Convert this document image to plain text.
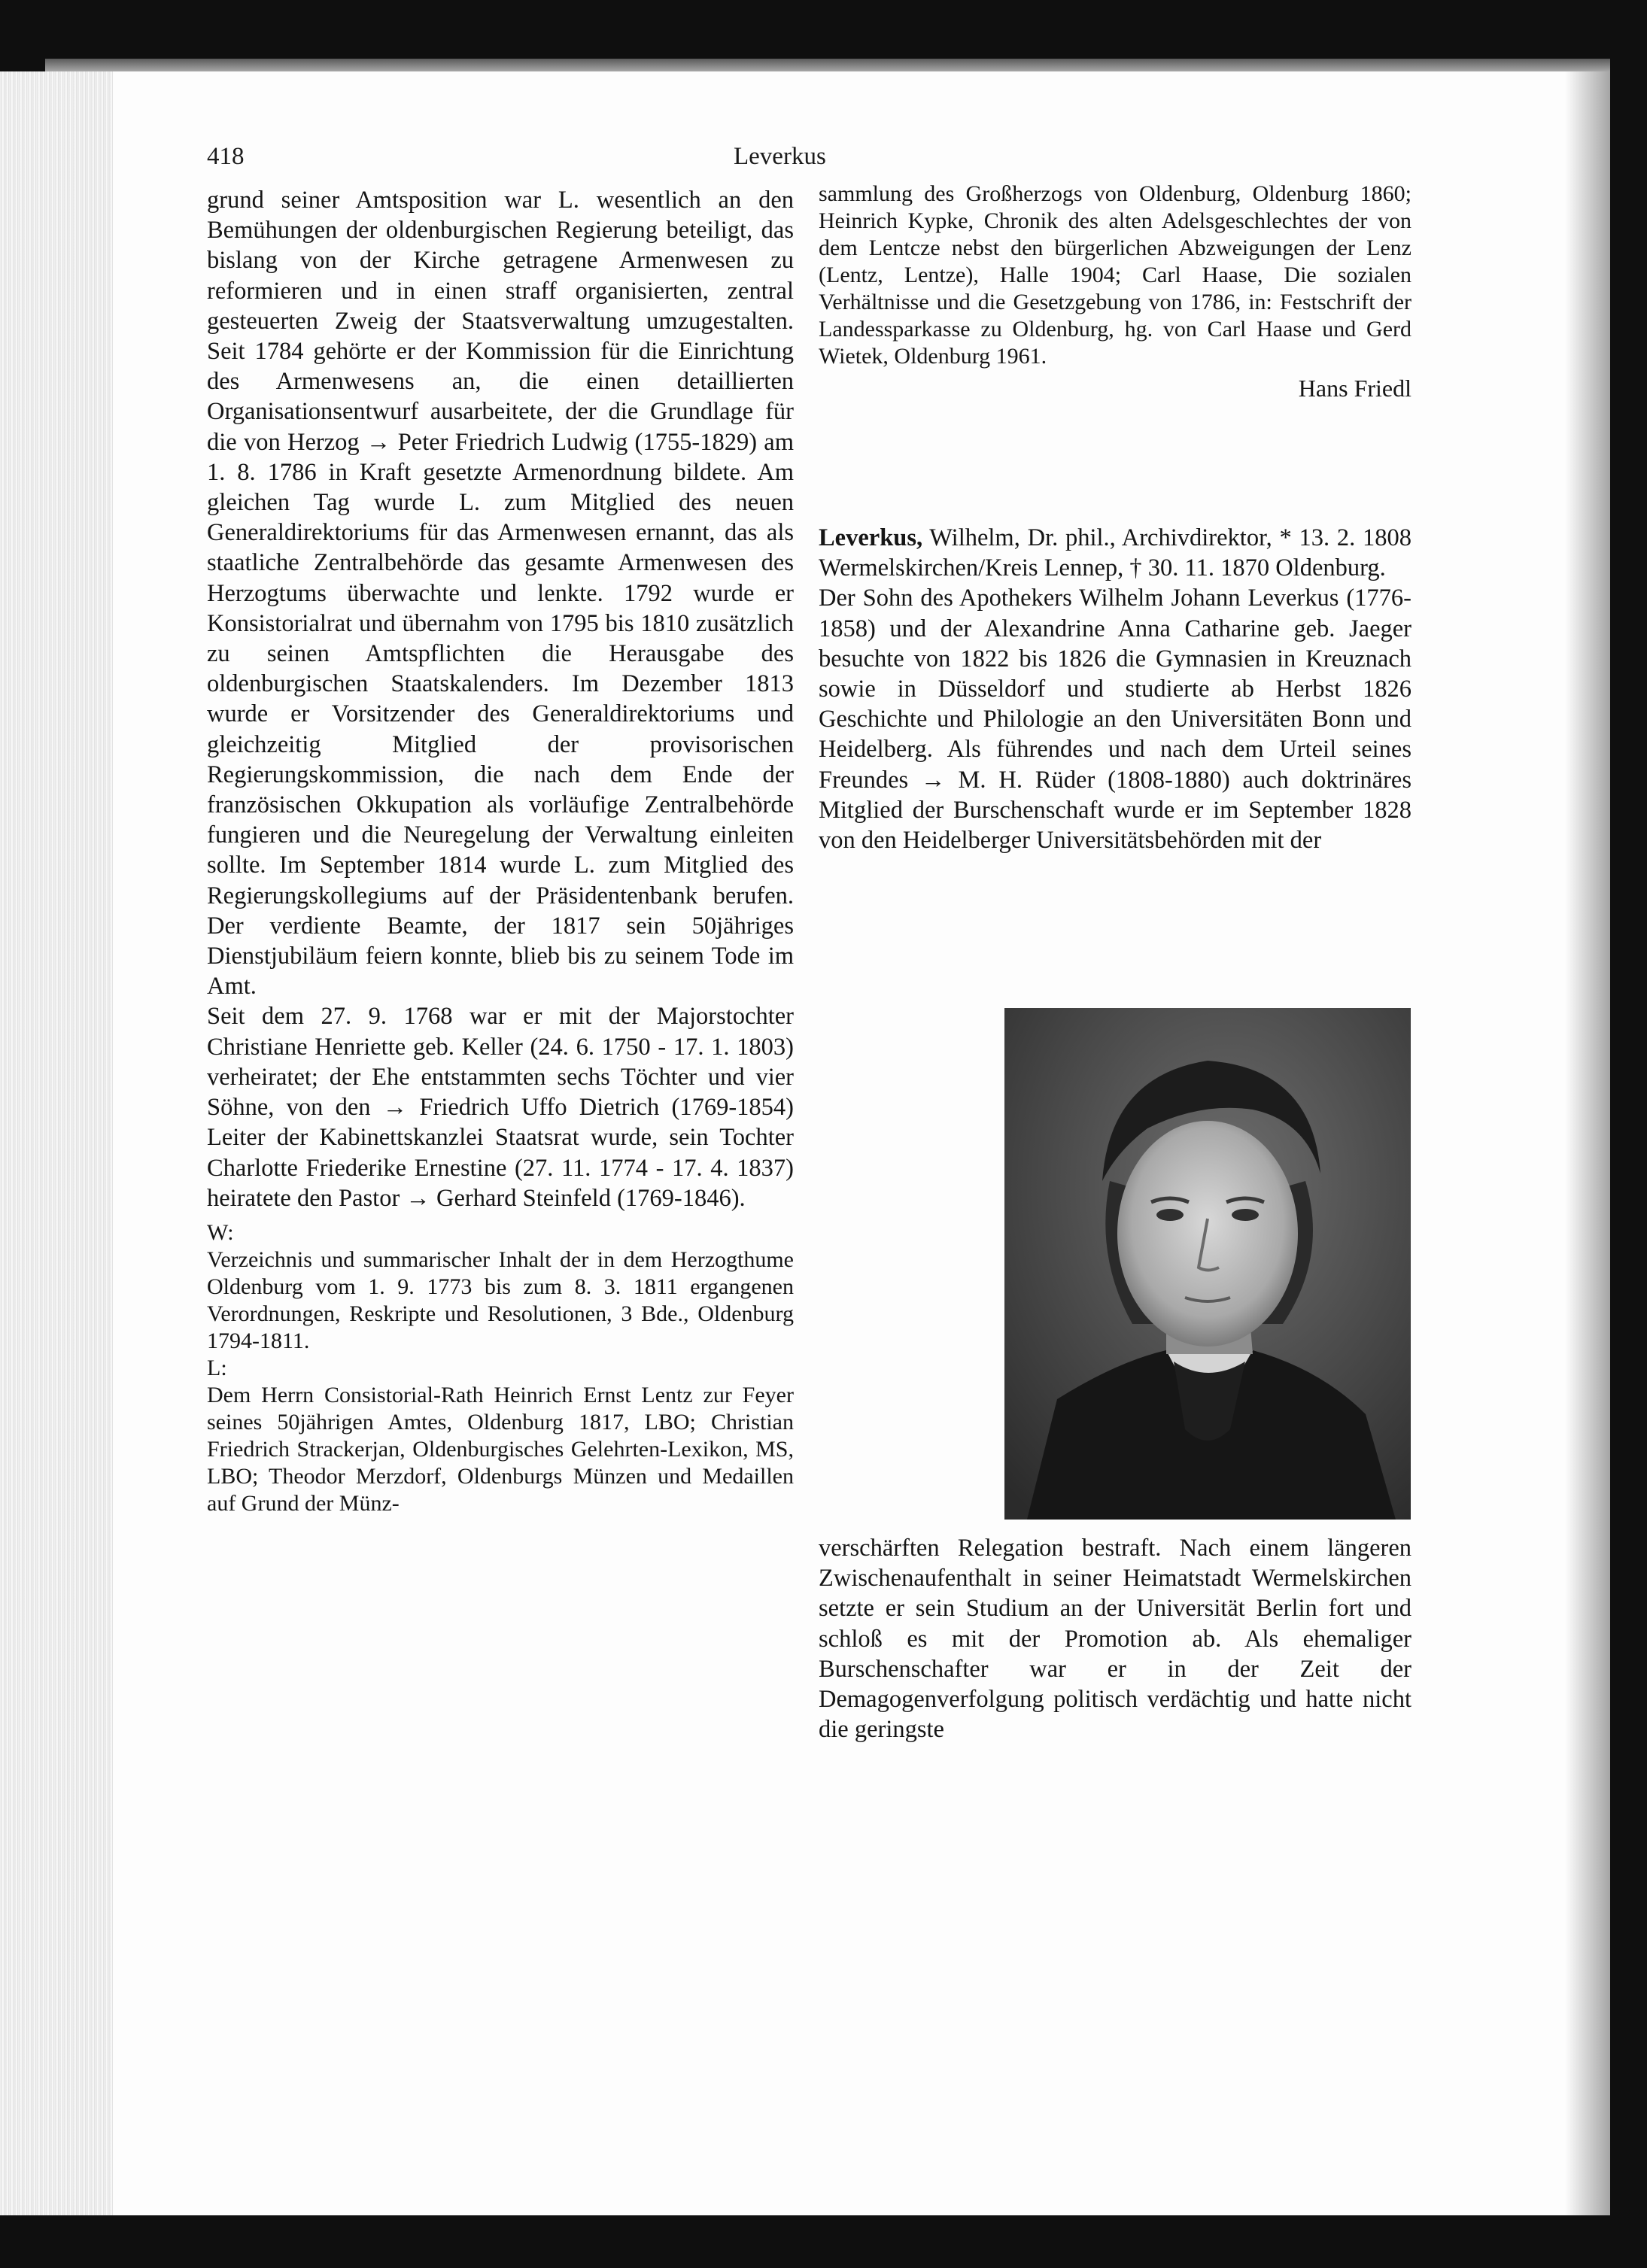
418	Leverkus

grund seiner Amtsposition war L. wesentlich an den Bemühungen der oldenburgischen Regierung beteiligt, das bislang von der Kirche getragene Armenwesen zu reformieren und in einen straff organisierten, zentral gesteuerten Zweig der Staatsverwaltung umzugestalten. Seit 1784 gehörte er der Kommission für die Einrichtung des Armenwesens an, die einen detaillierten Organisationsentwurf ausarbeitete, der die Grundlage für die von Herzog → Peter Friedrich Ludwig (1755-1829) am 1. 8. 1786 in Kraft gesetzte Armenordnung bildete. Am gleichen Tag wurde L. zum Mitglied des neuen Generaldirektoriums für das Armenwesen ernannt, das als staatliche Zentralbehörde das gesamte Armenwesen des Herzogtums überwachte und lenkte. 1792 wurde er Konsistorialrat und übernahm von 1795 bis 1810 zusätzlich zu seinen Amtspflichten die Herausgabe des oldenburgischen Staatskalenders. Im Dezember 1813 wurde er Vorsitzender des Generaldirektoriums und gleichzeitig Mitglied der provisorischen Regierungskommission, die nach dem Ende der französischen Okkupation als vorläufige Zentralbehörde fungieren und die Neuregelung der Verwaltung einleiten sollte. Im September 1814 wurde L. zum Mitglied des Regierungskollegiums auf der Präsidentenbank berufen. Der verdiente Beamte, der 1817 sein 50jähriges Dienstjubiläum feiern konnte, blieb bis zu seinem Tode im Amt.

Seit dem 27. 9. 1768 war er mit der Majorstochter Christiane Henriette geb. Keller (24. 6. 1750 - 17. 1. 1803) verheiratet; der Ehe entstammten sechs Töchter und vier Söhne, von den → Friedrich Uffo Dietrich (1769-1854) Leiter der Kabinettskanzlei Staatsrat wurde, sein Tochter Charlotte Friederike Ernestine (27. 11. 1774 - 17. 4. 1837) heiratete den Pastor → Gerhard Steinfeld (1769-1846).

W:

Verzeichnis und summarischer Inhalt der in dem Herzogthume Oldenburg vom 1. 9. 1773 bis zum 8. 3. 1811 ergangenen Verordnungen, Reskripte und Resolutionen, 3 Bde., Oldenburg 1794-1811.

L:

Dem Herrn Consistorial-Rath Heinrich Ernst Lentz zur Feyer seines 50jährigen Amtes, Oldenburg 1817, LBO; Christian Friedrich Strackerjan, Oldenburgisches Gelehrten-Lexikon, MS, LBO; Theodor Merzdorf, Oldenburgs Münzen und Medaillen auf Grund der Münz-

sammlung des Großherzogs von Oldenburg, Oldenburg 1860; Heinrich Kypke, Chronik des alten Adelsgeschlechtes der von dem Lentcze nebst den bürgerlichen Abzweigungen der Lenz (Lentz, Lentze), Halle 1904; Carl Haase, Die sozialen Verhältnisse und die Gesetzgebung von 1786, in: Festschrift der Landessparkasse zu Oldenburg, hg. von Carl Haase und Gerd Wietek, Oldenburg 1961.

Hans Friedl

Leverkus, Wilhelm, Dr. phil., Archivdirektor, * 13. 2. 1808 Wermelskirchen/Kreis Lennep, † 30. 11. 1870 Oldenburg.

Der Sohn des Apothekers Wilhelm Johann Leverkus (1776-1858) und der Alexandrine Anna Catharine geb. Jaeger besuchte von 1822 bis 1826 die Gymnasien in Kreuznach sowie in Düsseldorf und studierte ab Herbst 1826 Geschichte und Philologie an den Universitäten Bonn und Heidelberg. Als führendes und nach dem Urteil seines Freundes → M. H. Rüder (1808-1880) auch doktrinäres Mitglied der Burschenschaft wurde er im September 1828 von den Heidelberger Universitätsbehörden mit der

verschärften Relegation bestraft. Nach einem längeren Zwischenaufenthalt in seiner Heimatstadt Wermelskirchen setzte er sein Studium an der Universität Berlin fort und schloß es mit der Promotion ab. Als ehemaliger Burschenschafter war er in der Zeit der Demagogenverfolgung politisch verdächtig und hatte nicht die geringste
